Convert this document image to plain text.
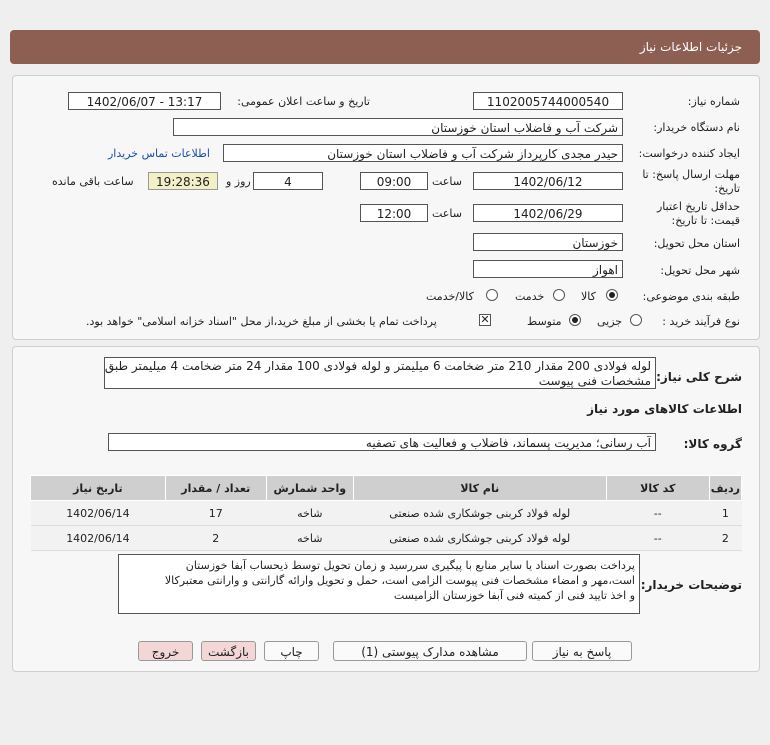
جزئیات اطلاعات نیاز
شماره نیاز:
1102005744000540
تاریخ و ساعت اعلان عمومی:
1402/06/07 - 13:17
نام دستگاه خریدار:
شرکت آب و فاضلاب استان خوزستان
ایجاد کننده درخواست:
حیدر مجدی کارپرداز شرکت آب و فاضلاب استان خوزستان
اطلاعات تماس خریدار
مهلت ارسال پاسخ: تا
تاریخ:
1402/06/12
ساعت
09:00
4
روز و
19:28:36
ساعت باقی مانده
حداقل تاریخ اعتبار
قیمت: تا تاریخ:
1402/06/29
ساعت
12:00
استان محل تحویل:
خوزستان
شهر محل تحویل:
اهواز
طبقه بندی موضوعی:
کالا
خدمت
کالا/خدمت
نوع فرآیند خرید :
جزیی
متوسط
✕
پرداخت تمام یا بخشی از مبلغ خرید،از محل "اسناد خزانه اسلامی" خواهد بود.
شرح کلی نیاز:
لوله فولادی 200 مقدار 210 متر ضخامت 6 میلیمتر و لوله فولادی 100 مقدار 24 متر ضخامت 4 میلیمتر طبق
مشخصات فنی پیوست
اطلاعات کالاهای مورد نیاز
گروه کالا:
آب رسانی؛ مدیریت پسماند، فاضلاب و فعالیت های تصفیه
ردیف	کد کالا	نام کالا	واحد شمارش	تعداد / مقدار	تاریخ نیاز
1	--	لوله فولاد کربنی جوشکاری شده صنعتی	شاخه	17	1402/06/14
2	--	لوله فولاد کربنی جوشکاری شده صنعتی	شاخه	2	1402/06/14
توضیحات خریدار:
پرداخت بصورت اسناد یا سایر منابع با پیگیری سررسید و زمان تحویل توسط ذیحساب آبفا خوزستان
است،مهر و امضاء مشخصات فنی پیوست الزامی است، حمل و تحویل وارائه گارانتی و وارانتی معتبرکالا
و اخذ تایید فنی از کمیته فنی آبفا خوزستان الزامیست
پاسخ به نیاز
مشاهده مدارک پیوستی (1)
چاپ
بازگشت
خروج
